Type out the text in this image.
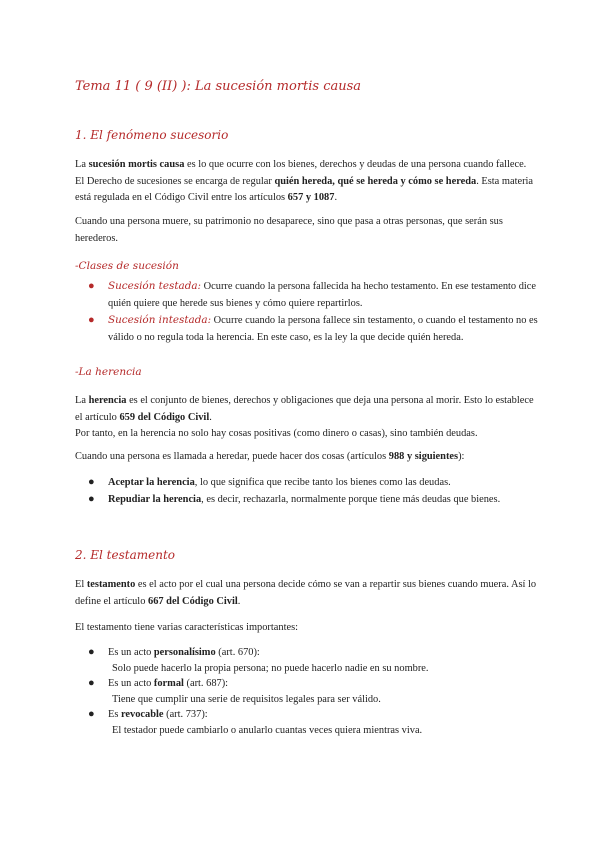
Tema 11 ( 9 (II) ): La sucesión mortis causa
1. El fenómeno sucesorio

La sucesión mortis causa es lo que ocurre con los bienes, derechos y deudas de una persona cuando fallece. El Derecho de sucesiones se encarga de regular quién hereda, qué se hereda y cómo se hereda. Esta materia está regulada en el Código Civil entre los artículos 657 y 1087.

Cuando una persona muere, su patrimonio no desaparece, sino que pasa a otras personas, que serán sus herederos.
-Clases de sucesión
● Sucesión testada: Ocurre cuando la persona fallecida ha hecho testamento. En ese testamento dice quién quiere que herede sus bienes y cómo quiere repartirlos.
● Sucesión intestada: Ocurre cuando la persona fallece sin testamento, o cuando el testamento no es válido o no regula toda la herencia. En este caso, es la ley la que decide quién hereda.
-La herencia

La herencia es el conjunto de bienes, derechos y obligaciones que deja una persona al morir. Esto lo establece el artículo 659 del Código Civil.

Por tanto, en la herencia no solo hay cosas positivas (como dinero o casas), sino también deudas.

Cuando una persona es llamada a heredar, puede hacer dos cosas (artículos 988 y siguientes):

● Aceptar la herencia, lo que significa que recibe tanto los bienes como las deudas.
● Repudiar la herencia, es decir, rechazarla, normalmente porque tiene más deudas que bienes.
2. El testamento

El testamento es el acto por el cual una persona decide cómo se van a repartir sus bienes cuando muera. Así lo define el artículo 667 del Código Civil.

El testamento tiene varias características importantes:
● Es un acto personalísimo (art. 670):
Solo puede hacerlo la propia persona; no puede hacerlo nadie en su nombre.
● Es un acto formal (art. 687):
Tiene que cumplir una serie de requisitos legales para ser válido.
● Es revocable (art. 737):
El testador puede cambiarlo o anularlo cuantas veces quiera mientras viva.
